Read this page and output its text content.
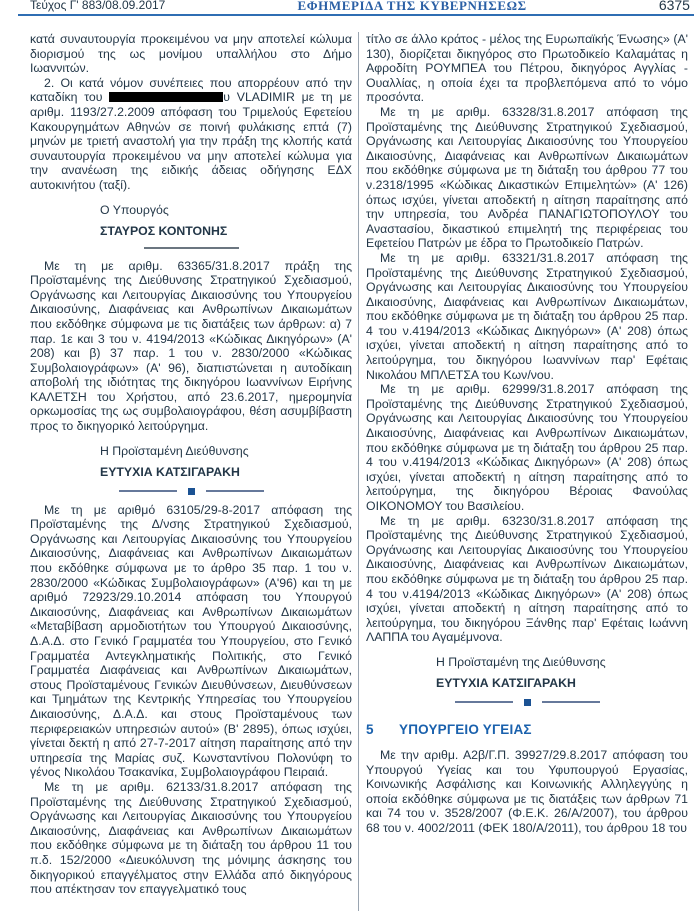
Τεύχος Γ' 883/08.09.2017	ΕΦΗΜΕΡΙΔΑ ΤΗΣ ΚΥΒΕΡΝΗΣΕΩΣ	6375

κατά συναυτουργία προκειμένου να μην αποτελεί κώλυμα διορισμού της ως μονίμου υπαλλήλου στο Δήμο Ιωαννιτών.

2. Οι κατά νόμον συνέπειες που απορρέουν από την καταδίκη του	υ VLADIMIR με τη με αριθμ. 1193/27.2.2009 απόφαση του Τριμελούς Εφετείου Κακουργημάτων Αθηνών σε ποινή φυλάκισης επτά (7) μηνών με τριετή αναστολή για την πράξη της κλοπής κατά συναυτουργία προκειμένου να μην αποτελεί κώλυμα για την ανανέωση της ειδικής άδειας οδήγησης ΕΔΧ αυτοκινήτου (ταξί).

Ο Υπουργός

ΣΤΑΥΡΟΣ ΚΟΝΤΟΝΗΣ

Με τη με αριθμ. 63365/31.8.2017 πράξη της Προϊσταμένης της Διεύθυνσης Στρατηγικού Σχεδιασμού, Οργάνωσης και Λειτουργίας Δικαιοσύνης του Υπουργείου Δικαιοσύνης, Διαφάνειας και Ανθρωπίνων Δικαιωμάτων που εκδόθηκε σύμφωνα με τις διατάξεις των άρθρων: α) 7 παρ. 1ε και 3 του ν. 4194/2013 «Κώδικας Δικηγόρων» (Α' 208) και β) 37 παρ. 1 του ν. 2830/2000 «Κώδικας Συμβολαιογράφων» (Α' 96), διαπιστώνεται η αυτοδίκαιη αποβολή της ιδιότητας της δικηγόρου Ιωαννίνων Ειρήνης ΚΑΛΕΤΣΗ του Χρήστου, από 23.6.2017, ημερομηνία ορκωμοσίας της ως συμβολαιογράφου, θέση ασυμβίβαστη προς το δικηγορικό λειτούργημα.

Η Προϊσταμένη Διεύθυνσης

ΕΥΤΥΧΙΑ ΚΑΤΣΙΓΑΡΑΚΗ

Με τη με αριθμό 63105/29-8-2017 απόφαση της Προϊσταμένης της Δ/νσης Στρατηγικού Σχεδιασμού, Οργάνωσης και Λειτουργίας Δικαιοσύνης του Υπουργείου Δικαιοσύνης, Διαφάνειας και Ανθρωπίνων Δικαιωμάτων που εκδόθηκε σύμφωνα με το άρθρο 35 παρ. 1 του ν. 2830/2000 «Κώδικας Συμβολαιογράφων» (Α'96) και τη με αριθμό 72923/29.10.2014 απόφαση του Υπουργού Δικαιοσύνης, Διαφάνειας και Ανθρωπίνων Δικαιωμάτων «Μεταβίβαση αρμοδιοτήτων του Υπουργού Δικαιοσύνης, Δ.Α.Δ. στο Γενικό Γραμματέα του Υπουργείου, στο Γενικό Γραμματέα Αντεγκληματικής Πολιτικής, στο Γενικό Γραμματέα Διαφάνειας και Ανθρωπίνων Δικαιωμάτων, στους Προϊσταμένους Γενικών Διευθύνσεων, Διευθύνσεων και Τμημάτων της Κεντρικής Υπηρεσίας του Υπουργείου Δικαιοσύνης, Δ.Α.Δ. και στους Προϊσταμένους των περιφερειακών υπηρεσιών αυτού» (Β' 2895), όπως ισχύει, γίνεται δεκτή η από 27-7-2017 αίτηση παραίτησης από την υπηρεσία της Μαρίας συζ. Κωνσταντίνου Πολονύφη το γένος Νικολάου Τσακανίκα, Συμβολαιογράφου Πειραιά.

Με τη με αριθμ. 62133/31.8.2017 απόφαση της Προϊσταμένης της Διεύθυνσης Στρατηγικού Σχεδιασμού, Οργάνωσης και Λειτουργίας Δικαιοσύνης του Υπουργείου Δικαιοσύνης, Διαφάνειας και Ανθρωπίνων Δικαιωμάτων που εκδόθηκε σύμφωνα με τη διάταξη του άρθρου 11 του π.δ. 152/2000 «Διευκόλυνση της μόνιμης άσκησης του δικηγορικού επαγγέλματος στην Ελλάδα από δικηγόρους που απέκτησαν τον επαγγελματικό τους

τίτλο σε άλλο κράτος - μέλος της Ευρωπαϊκής Ένωσης» (Α' 130), διορίζεται δικηγόρος στο Πρωτοδικείο Καλαμάτας η Αφροδίτη ΡΟΥΜΠΕΑ του Πέτρου, δικηγόρος Αγγλίας - Ουαλλίας, η οποία έχει τα προβλεπόμενα από το νόμο προσόντα.

Με τη με αριθμ. 63328/31.8.2017 απόφαση της Προϊσταμένης της Διεύθυνσης Στρατηγικού Σχεδιασμού, Οργάνωσης και Λειτουργίας Δικαιοσύνης του Υπουργείου Δικαιοσύνης, Διαφάνειας και Ανθρωπίνων Δικαιωμάτων που εκδόθηκε σύμφωνα με τη διάταξη του άρθρου 77 του ν.2318/1995 «Κώδικας Δικαστικών Επιμελητών» (Α' 126) όπως ισχύει, γίνεται αποδεκτή η αίτηση παραίτησης από την υπηρεσία, του Ανδρέα ΠΑΝΑΓΙΩΤΟΠΟΥΛΟΥ του Αναστασίου, δικαστικού επιμελητή της περιφέρειας του Εφετείου Πατρών με έδρα το Πρωτοδικείο Πατρών.

Με τη με αριθμ. 63321/31.8.2017 απόφαση της Προϊσταμένης της Διεύθυνσης Στρατηγικού Σχεδιασμού, Οργάνωσης και Λειτουργίας Δικαιοσύνης του Υπουργείου Δικαιοσύνης, Διαφάνειας και Ανθρωπίνων Δικαιωμάτων, που εκδόθηκε σύμφωνα με τη διάταξη του άρθρου 25 παρ. 4 του ν.4194/2013 «Κώδικας Δικηγόρων» (Α' 208) όπως ισχύει, γίνεται αποδεκτή η αίτηση παραίτησης από το λειτούργημα, του δικηγόρου Ιωαννίνων παρ' Εφέταις Νικολάου ΜΠΛΕΤΣΑ του Κων/νου.

Με τη με αριθμ. 62999/31.8.2017 απόφαση της Προϊσταμένης της Διεύθυνσης Στρατηγικού Σχεδιασμού, Οργάνωσης και Λειτουργίας Δικαιοσύνης του Υπουργείου Δικαιοσύνης, Διαφάνειας και Ανθρωπίνων Δικαιωμάτων, που εκδόθηκε σύμφωνα με τη διάταξη του άρθρου 25 παρ. 4 του ν.4194/2013 «Κώδικας Δικηγόρων» (Α' 208) όπως ισχύει, γίνεται αποδεκτή η αίτηση παραίτησης από το λειτούργημα, της δικηγόρου Βέροιας Φανούλας ΟΙΚΟΝΟΜΟΥ του Βασιλείου.

Με τη με αριθμ. 63230/31.8.2017 απόφαση της Προϊσταμένης της Διεύθυνσης Στρατηγικού Σχεδιασμού, Οργάνωσης και Λειτουργίας Δικαιοσύνης του Υπουργείου Δικαιοσύνης, Διαφάνειας και Ανθρωπίνων Δικαιωμάτων, που εκδόθηκε σύμφωνα με τη διάταξη του άρθρου 25 παρ. 4 του ν.4194/2013 «Κώδικας Δικηγόρων» (Α' 208) όπως ισχύει, γίνεται αποδεκτή η αίτηση παραίτησης από το λειτούργημα, του δικηγόρου Ξάνθης παρ' Εφέταις Ιωάννη ΛΑΠΠΑ του Αγαμέμνονα.

Η Προϊσταμένη της Διεύθυνσης

ΕΥΤΥΧΙΑ ΚΑΤΣΙΓΑΡΑΚΗ

5	ΥΠΟΥΡΓΕΙΟ ΥΓΕΙΑΣ

Με την αριθμ. Α2β/Γ.Π. 39927/29.8.2017 απόφαση του Υπουργού Υγείας και του Υφυπουργού Εργασίας, Κοινωνικής Ασφάλισης και Κοινωνικής Αλληλεγγύης η οποία εκδόθηκε σύμφωνα με τις διατάξεις των άρθρων 71 και 74 του ν. 3528/2007 (Φ.Ε.Κ. 26/Α/2007), του άρθρου 68 του ν. 4002/2011 (ΦΕΚ 180/Α/2011), του άρθρου 18 του
